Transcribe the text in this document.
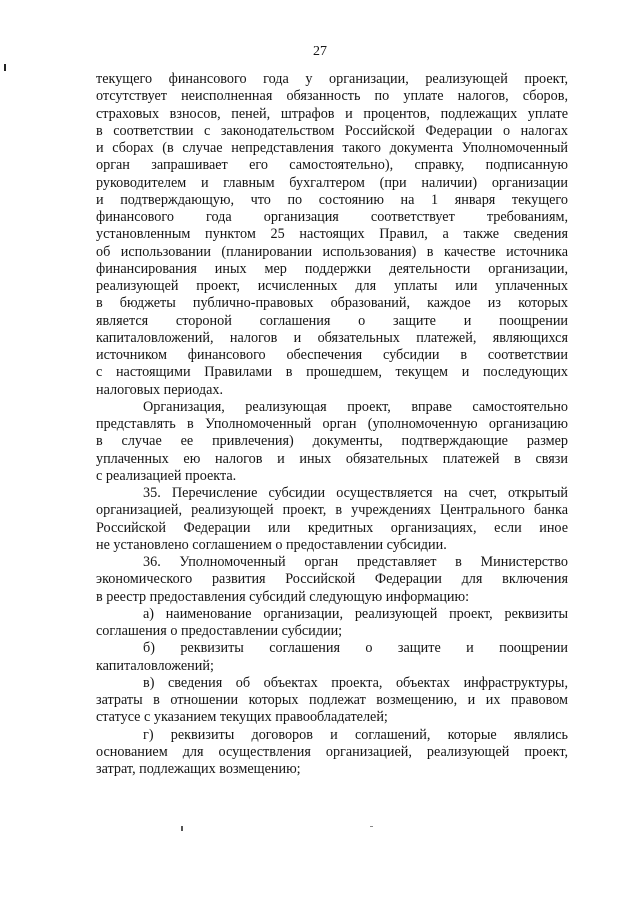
27
текущего финансового года у организации, реализующей проект,
отсутствует неисполненная обязанность по уплате налогов, сборов,
страховых взносов, пеней, штрафов и процентов, подлежащих уплате
в соответствии с законодательством Российской Федерации о налогах
и сборах (в случае непредставления такого документа Уполномоченный
орган запрашивает его самостоятельно), справку, подписанную
руководителем и главным бухгалтером (при наличии) организации
и подтверждающую, что по состоянию на 1 января текущего
финансового года организация соответствует требованиям,
установленным пунктом 25 настоящих Правил, а также сведения
об использовании (планировании использования) в качестве источника
финансирования иных мер поддержки деятельности организации,
реализующей проект, исчисленных для уплаты или уплаченных
в бюджеты публично-правовых образований, каждое из которых
является стороной соглашения о защите и поощрении
капиталовложений, налогов и обязательных платежей, являющихся
источником финансового обеспечения субсидии в соответствии
с настоящими Правилами в прошедшем, текущем и последующих
налоговых периодах.
Организация, реализующая проект, вправе самостоятельно
представлять в Уполномоченный орган (уполномоченную организацию
в случае ее привлечения) документы, подтверждающие размер
уплаченных ею налогов и иных обязательных платежей в связи
с реализацией проекта.
35. Перечисление субсидии осуществляется на счет, открытый
организацией, реализующей проект, в учреждениях Центрального банка
Российской Федерации или кредитных организациях, если иное
не установлено соглашением о предоставлении субсидии.
36. Уполномоченный орган представляет в Министерство
экономического развития Российской Федерации для включения
в реестр предоставления субсидий следующую информацию:
а) наименование организации, реализующей проект, реквизиты
соглашения о предоставлении субсидии;
б) реквизиты соглашения о защите и поощрении
капиталовложений;
в) сведения об объектах проекта, объектах инфраструктуры,
затраты в отношении которых подлежат возмещению, и их правовом
статусе с указанием текущих правообладателей;
г) реквизиты договоров и соглашений, которые являлись
основанием для осуществления организацией, реализующей проект,
затрат, подлежащих возмещению;
